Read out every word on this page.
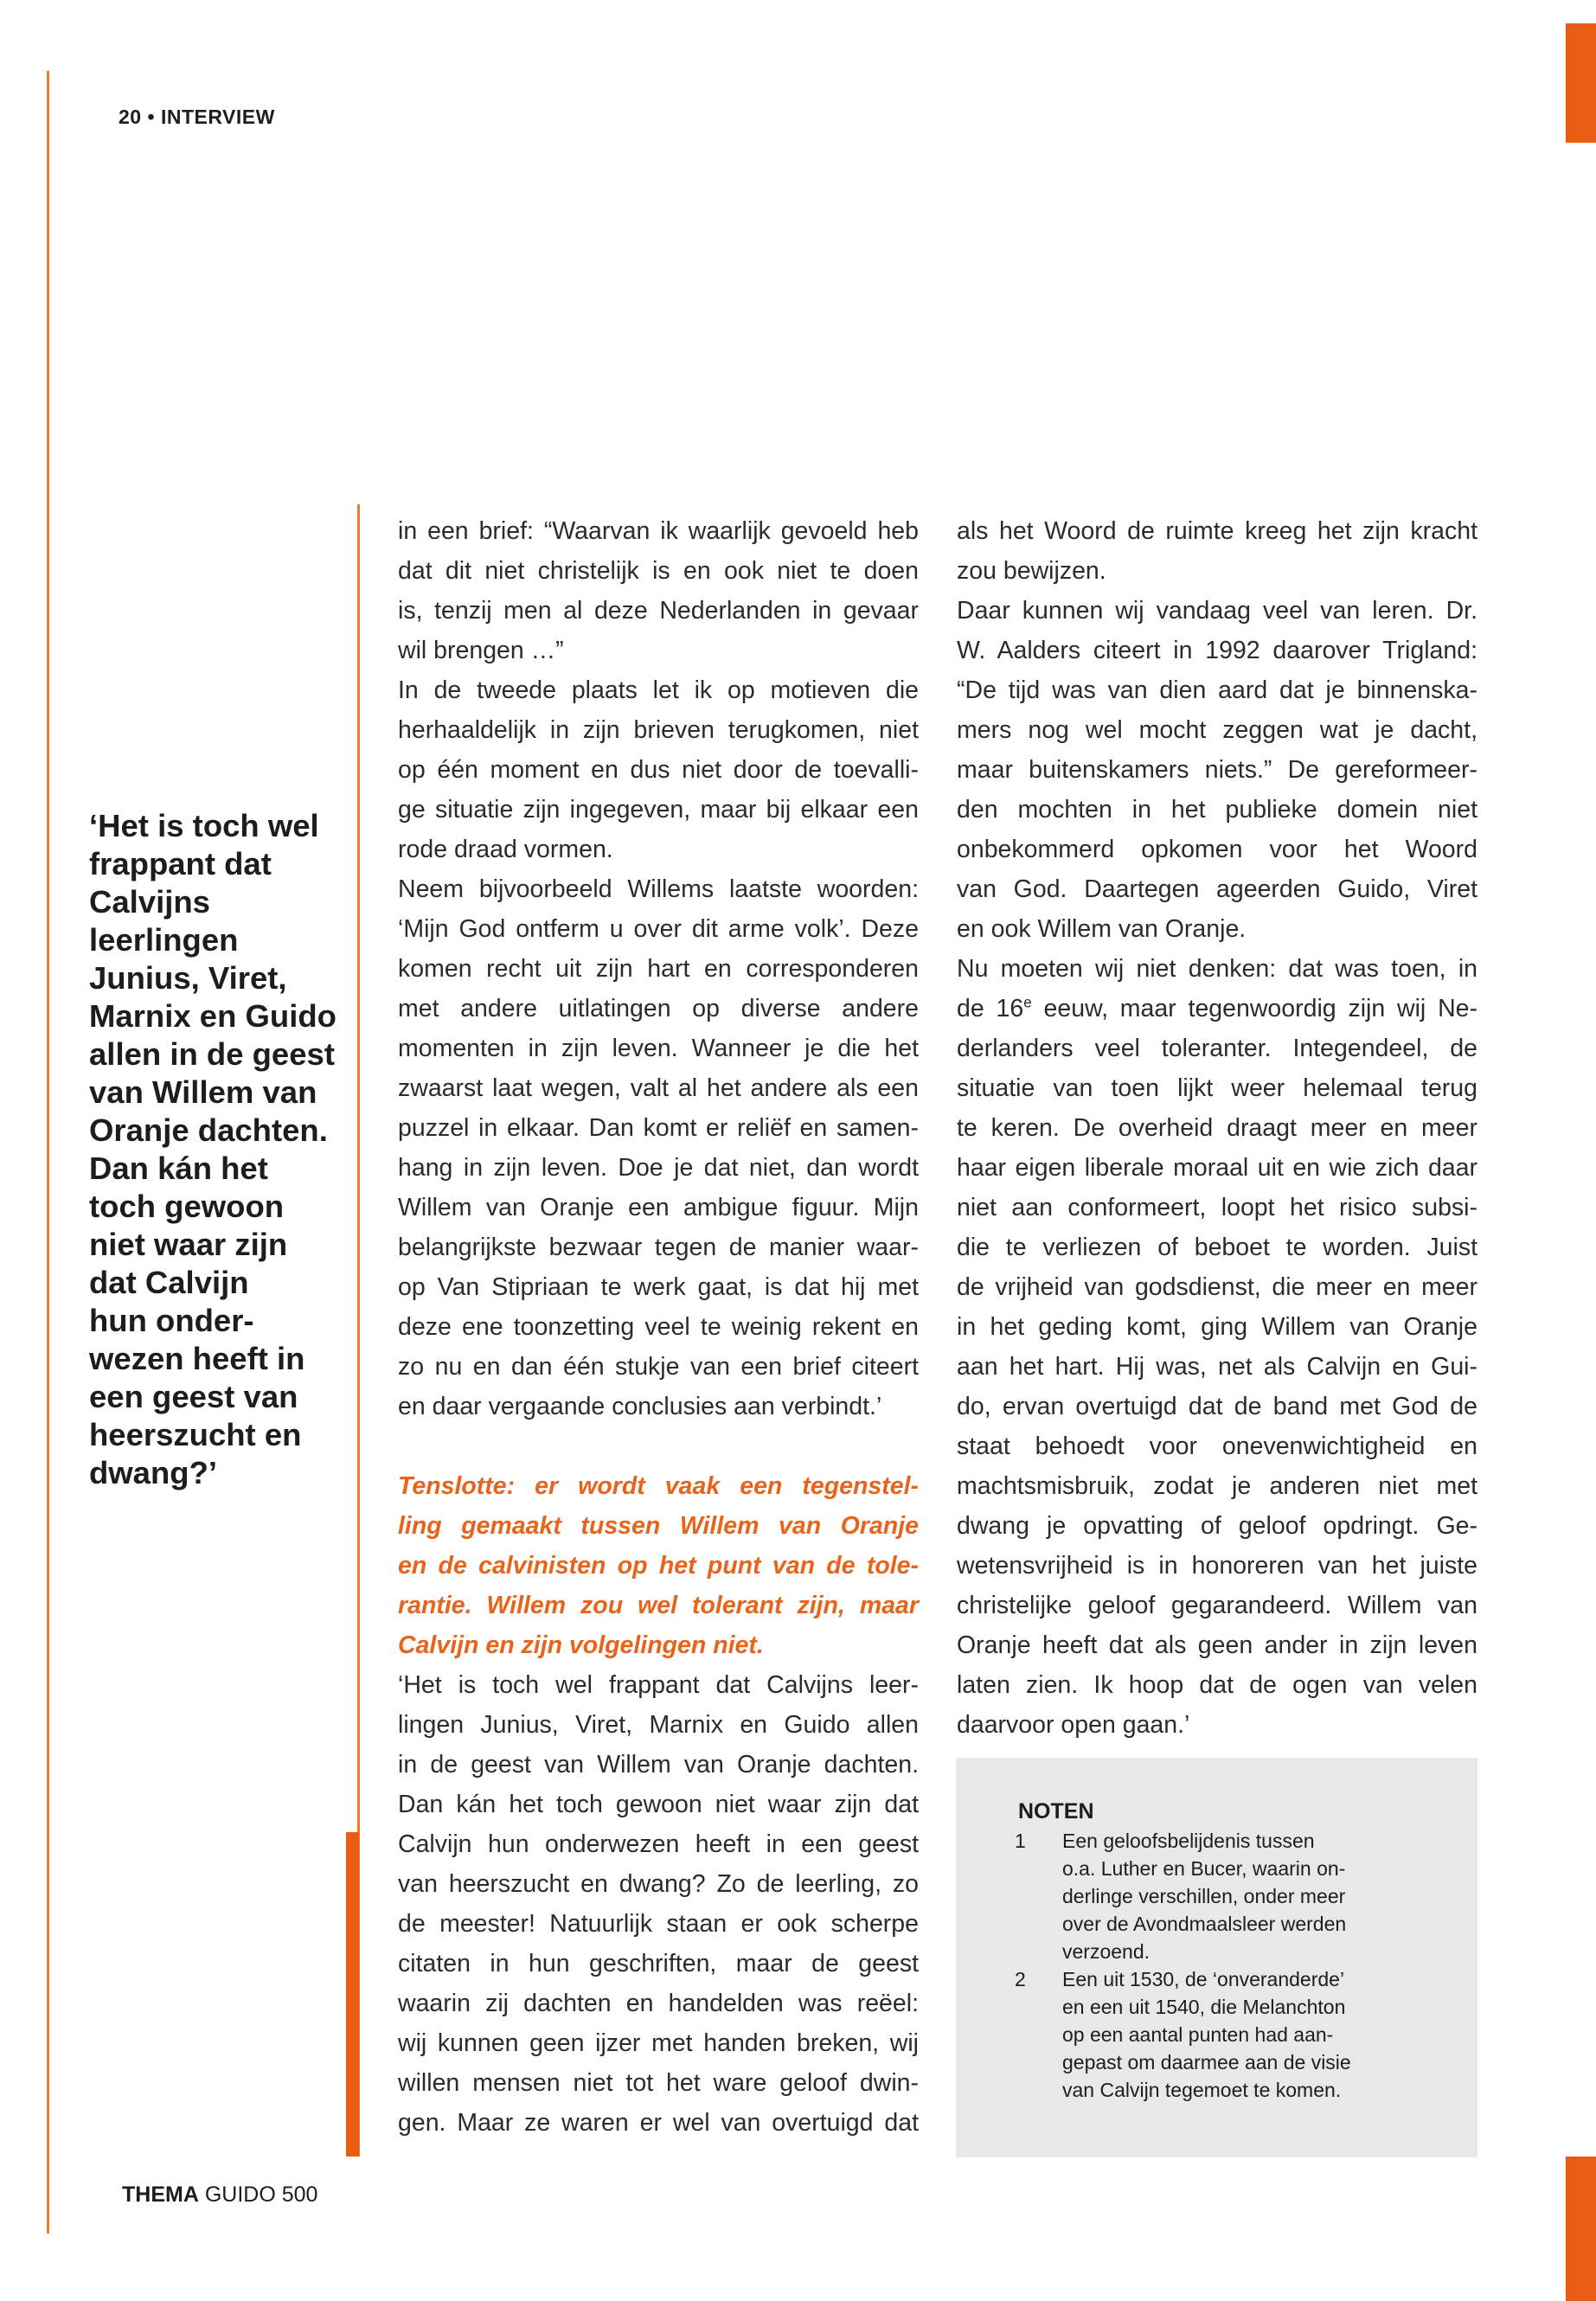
20 • INTERVIEW
‘Het is toch wel
frappant dat
Calvijns
leerlingen
Junius, Viret,
Marnix en Guido
allen in de geest
van Willem van
Oranje dachten.
Dan kán het
toch gewoon
niet waar zijn
dat Calvijn
hun onder-
wezen heeft in
een geest van
heerszucht en
dwang?’
in een brief: “Waarvan ik waarlijk gevoeld heb
dat dit niet christelijk is en ook niet te doen
is, tenzij men al deze Nederlanden in gevaar
wil brengen …”
In de tweede plaats let ik op motieven die
herhaaldelijk in zijn brieven terugkomen, niet
op één moment en dus niet door de toevalli-
ge situatie zijn ingegeven, maar bij elkaar een
rode draad vormen.
Neem bijvoorbeeld Willems laatste woorden:
‘Mijn God ontferm u over dit arme volk’. Deze
komen recht uit zijn hart en corresponderen
met andere uitlatingen op diverse andere
momenten in zijn leven. Wanneer je die het
zwaarst laat wegen, valt al het andere als een
puzzel in elkaar. Dan komt er reliëf en samen-
hang in zijn leven. Doe je dat niet, dan wordt
Willem van Oranje een ambigue figuur. Mijn
belangrijkste bezwaar tegen de manier waar-
op Van Stipriaan te werk gaat, is dat hij met
deze ene toonzetting veel te weinig rekent en
zo nu en dan één stukje van een brief citeert
en daar vergaande conclusies aan verbindt.’
Tenslotte: er wordt vaak een tegenstel-
ling gemaakt tussen Willem van Oranje
en de calvinisten op het punt van de tole-
rantie. Willem zou wel tolerant zijn, maar
Calvijn en zijn volgelingen niet.
‘Het is toch wel frappant dat Calvijns leer-
lingen Junius, Viret, Marnix en Guido allen
in de geest van Willem van Oranje dachten.
Dan kán het toch gewoon niet waar zijn dat
Calvijn hun onderwezen heeft in een geest
van heerszucht en dwang? Zo de leerling, zo
de meester! Natuurlijk staan er ook scherpe
citaten in hun geschriften, maar de geest
waarin zij dachten en handelden was reëel:
wij kunnen geen ijzer met handen breken, wij
willen mensen niet tot het ware geloof dwin-
gen. Maar ze waren er wel van overtuigd dat
als het Woord de ruimte kreeg het zijn kracht
zou bewijzen.
Daar kunnen wij vandaag veel van leren. Dr.
W. Aalders citeert in 1992 daarover Trigland:
“De tijd was van dien aard dat je binnenska-
mers nog wel mocht zeggen wat je dacht,
maar buitenskamers niets.” De gereformeer-
den mochten in het publieke domein niet
onbekommerd opkomen voor het Woord
van God. Daartegen ageerden Guido, Viret
en ook Willem van Oranje.
Nu moeten wij niet denken: dat was toen, in
de 16e eeuw, maar tegenwoordig zijn wij Ne-
derlanders veel toleranter. Integendeel, de
situatie van toen lijkt weer helemaal terug
te keren. De overheid draagt meer en meer
haar eigen liberale moraal uit en wie zich daar
niet aan conformeert, loopt het risico subsi-
die te verliezen of beboet te worden. Juist
de vrijheid van godsdienst, die meer en meer
in het geding komt, ging Willem van Oranje
aan het hart. Hij was, net als Calvijn en Gui-
do, ervan overtuigd dat de band met God de
staat behoedt voor onevenwichtigheid en
machtsmisbruik, zodat je anderen niet met
dwang je opvatting of geloof opdringt. Ge-
wetensvrijheid is in honoreren van het juiste
christelijke geloof gegarandeerd. Willem van
Oranje heeft dat als geen ander in zijn leven
laten zien. Ik hoop dat de ogen van velen
daarvoor open gaan.’
NOTEN
1	Een geloofsbelijdenis tussen
o.a. Luther en Bucer, waarin on-
derlinge verschillen, onder meer
over de Avondmaalsleer werden
verzoend.
2	Een uit 1530, de ‘onveranderde’
en een uit 1540, die Melanchton
op een aantal punten had aan-
gepast om daarmee aan de visie
van Calvijn tegemoet te komen.
THEMA GUIDO 500
